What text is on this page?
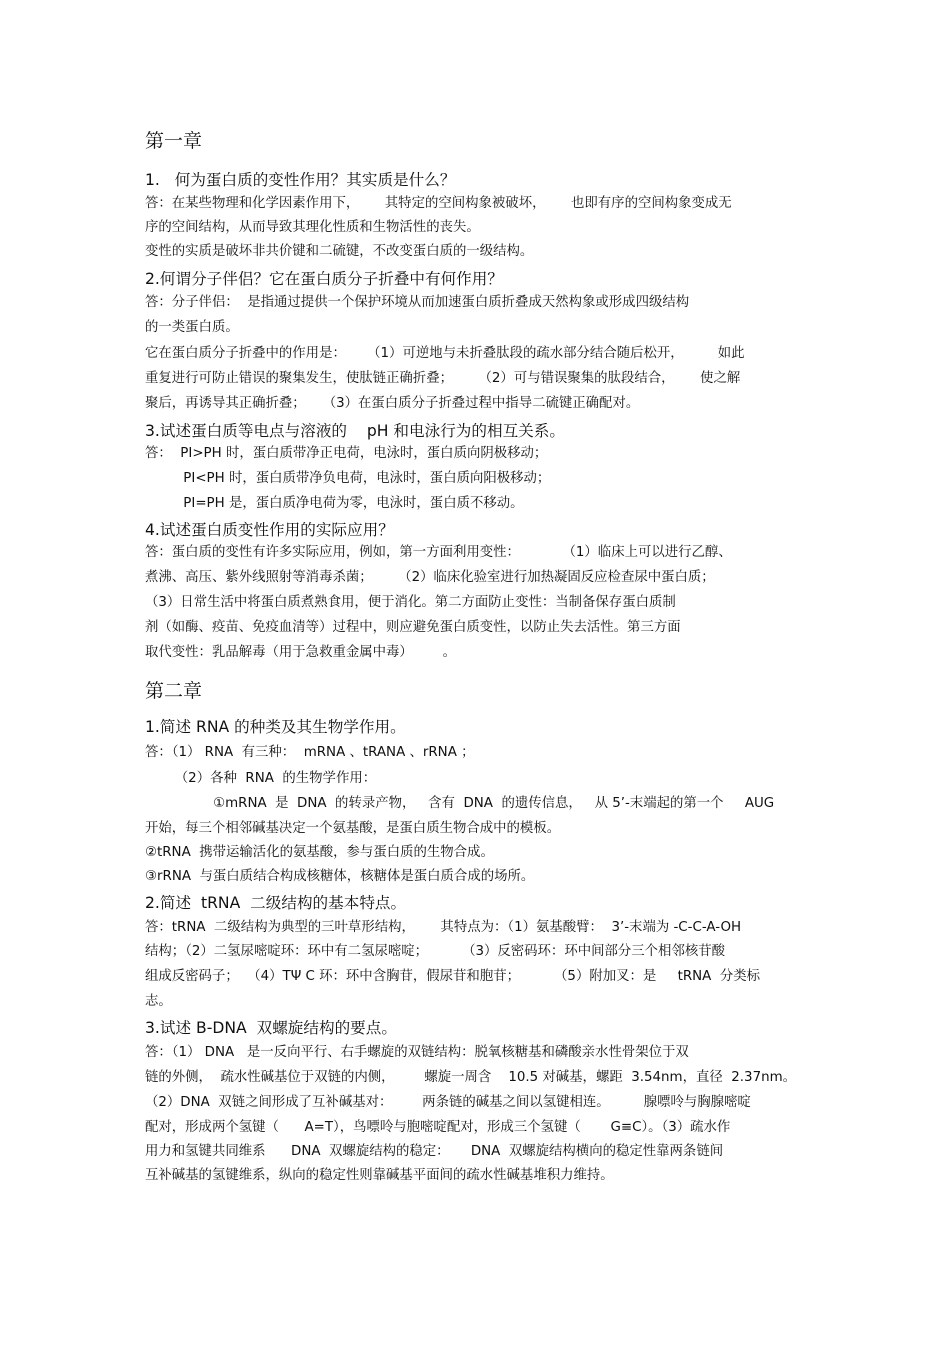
第一章
1.   何为蛋白质的变性作用？其实质是什么？
答：在某些物理和化学因素作用下，      其特定的空间构象被破坏，      也即有序的空间构象变成无
序的空间结构，从而导致其理化性质和生物活性的丧失。
变性的实质是破坏非共价键和二硫键，不改变蛋白质的一级结构。
2.何谓分子伴侣？它在蛋白质分子折叠中有何作用？
答：分子伴侣：  是指通过提供一个保护环境从而加速蛋白质折叠成天然构象或形成四级结构
的一类蛋白质。
它在蛋白质分子折叠中的作用是：     （1）可逆地与未折叠肽段的疏水部分结合随后松开，        如此
重复进行可防止错误的聚集发生，使肽链正确折叠；      （2）可与错误聚集的肽段结合，      使之解
聚后，再诱导其正确折叠；    （3）在蛋白质分子折叠过程中指导二硫键正确配对。
3.试述蛋白质等电点与溶液的    pH 和电泳行为的相互关系。
答：  PI>PH 时，蛋白质带净正电荷，电泳时，蛋白质向阴极移动；
PI<PH 时，蛋白质带净负电荷，电泳时，蛋白质向阳极移动；
PI=PH 是，蛋白质净电荷为零，电泳时，蛋白质不移动。
4.试述蛋白质变性作用的实际应用？
答：蛋白质的变性有许多实际应用，例如，第一方面利用变性：          （1）临床上可以进行乙醇、
煮沸、高压、紫外线照射等消毒杀菌；      （2）临床化验室进行加热凝固反应检查尿中蛋白质；
（3）日常生活中将蛋白质煮熟食用，便于消化。第二方面防止变性：当制备保存蛋白质制
剂（如酶、疫苗、免疫血清等）过程中，则应避免蛋白质变性，以防止失去活性。第三方面
取代变性：乳品解毒（用于急救重金属中毒）       。
第二章
1.简述 RNA 的种类及其生物学作用。
答：（1） RNA  有三种：  mRNA 、tRANA 、rRNA ；
（2）各种  RNA  的生物学作用：
①mRNA  是  DNA  的转录产物，   含有  DNA  的遗传信息，   从 5’-末端起的第一个     AUG
开始，每三个相邻碱基决定一个氨基酸，是蛋白质生物合成中的模板。
②tRNA  携带运输活化的氨基酸，参与蛋白质的生物合成。
③rRNA  与蛋白质结合构成核糖体，核糖体是蛋白质合成的场所。
2.简述  tRNA  二级结构的基本特点。
答：tRNA  二级结构为典型的三叶草形结构，      其特点为：（1）氨基酸臂：  3’-末端为 -C-C-A-OH
结构；（2）二氢尿嘧啶环：环中有二氢尿嘧啶；        （3）反密码环：环中间部分三个相邻核苷酸
组成反密码子；  （4）TΨ C 环：环中含胸苷，假尿苷和胞苷；        （5）附加叉：是     tRNA  分类标
志。
3.试述 B-DNA  双螺旋结构的要点。
答：（1） DNA   是一反向平行、右手螺旋的双链结构：脱氧核糖基和磷酸亲水性骨架位于双
链的外侧，  疏水性碱基位于双链的内侧，       螺旋一周含    10.5 对碱基，螺距  3.54nm，直径  2.37nm。
（2）DNA  双链之间形成了互补碱基对：       两条链的碱基之间以氢键相连。        腺嘌呤与胸腺嘧啶
配对，形成两个氢键（      A=T），鸟嘌呤与胞嘧啶配对，形成三个氢键（       G≡C）。（3）疏水作
用力和氢键共同维系      DNA  双螺旋结构的稳定：     DNA  双螺旋结构横向的稳定性靠两条链间
互补碱基的氢键维系，纵向的稳定性则靠碱基平面间的疏水性碱基堆积力维持。
